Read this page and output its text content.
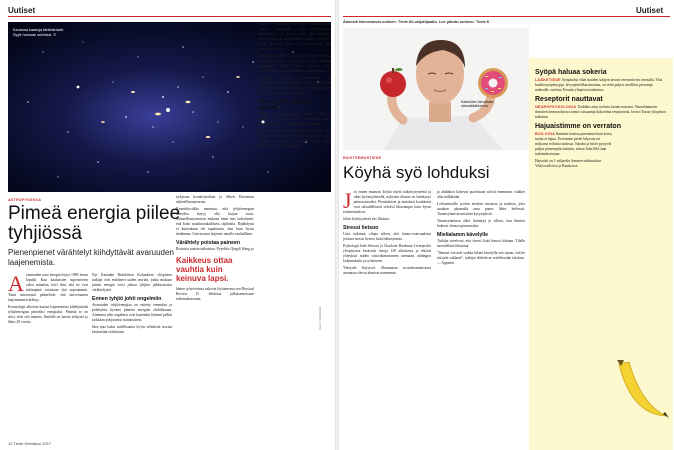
Uutiset
Kaukana kaasuja tähtivärtaalt. Syytt hamuan suhtessi. ©
ASTROFYSIIKKA
Pimeä energia piilee tyhjiössä
Pienenpienet värähtelyt kiihdyttävät avaruuden laajenemista.

Avaaruuden outo energia löytyi 1990-luvun lopulla. Kun kaukaisten supernovien valoa mitattiin, kävi ilmi, että ne ovat etäämpänä toisistaan yhä nopeammin. Tästä astronomit päättelivät, että universumin laajeneminen kiihtyy.

Kosmologit alkoivat kutsua laajenemista kiihdyttävää tyhjiöenergiaa pimeäksi energiaksi. Pimeää se on siksi, ettei sitä tunneta. Ilmiölle on haettu selitystä jo lähes 20 vuotta.

Nyt Kanadan Brittiläisen Kolumbian yliopiston tutkijat ovat esittäneet uuden teorian, jonka mukaan pimeä energia voisi johtua tyhjiön pikkuruisista värähtelyistä.

Ennen tyhjiö johti ongelmiin

Avaruuden tyhjiöenergiaa on esitetty ennenkin ja pidettykin hyvänä pimeän energian ehdokkaana. Aiemmat ydin ongelmat ovat kuitenkin lähinnä pelkät tarkkaan pohjustetut mittausluvut.

Idea ajaa kaksi todellisuutta hyvin selittävää teoriaa keskenään ristiriitaan:

nykyisen kvanttifysiikan ja Albert Einsteinin suhteellisuusteorian.

Kvanttifysiikka ennustaa, että tyhjiöenergian tiheyden täytyy olla hurjan suuri. Suhteellisuusteorian mukaan tämä taas tarkoittaisi, että koko maailmankaikkeus räjähtäisi. Räjähdystä ei kuitenkaan ole tapahtunut, niin kuin hyvin tiedämme. Universumi laajenee omalla vauhdillaan.

Värähtely poistaa paineen

Ristiriita saatiin ratkaistua. Pyyekko Qingdi Wang ja

Kaikkeus ottaa vauhtia kuin keinuva lapsi.

hänen työtoverinsa uskovat löytäneensä sen Physical Review D -lehdessä julkaisemassaan tutkimuksessaan.

Wang ja kumppanit olettavat kvanttifysiikan oppien mukaisesti, että universumin energiatiheys on hyvin suuri. He kuitenkin taivuvat mukaan ainekertoimen tiheys vaihtelisi hyvin nopeasti ajassa ja avaruudessa jopa kaksinkertaisesti.

Tutkijoiden yhtälöissä tyhjiön heiluntaa on kuin keinuvan lapsen vauhti, joka saa liikkeen kasvamaan. Näin pimeä energia olisi mahdollinen energian kulumisen näkökulmasta.

Tyhjyyden pienten laskostumisen ja supistuminen mielletään kuin lapsen keinu: kun jalkoja ojennetaan, vauhti kasvaa. Laajeneminen kiihtyy hitaasti mutta varmasti.

Seuraavaksi saatava todisteita

Wangin ja kumppaneiden seuraava siirto on osoittaa, että avaruus toimii näin. Tämä vaatii mittauksia, joita ei vielä pystytä tekemään.

Teoriaa kuvataan mielenkiintoiseksi, mutta sen todistaminen vaatii paljon lisätutkimusta. Tyhjiön värähtelyt voivat olla avain koko kaikkeuden ymmärtämiseen.

Kuva: NASA/ESA
12 Tiede Helmikuu 2017
Uutiset
Äänestä kiinnostavin uutinen: Tiede.fi/Lukijatiljaattu. Lue päivän uutinen: Tiede.fi
Kakkullan himoittata stressilääkkeena.
RAVITSEMUSTIEDE
Köyhä syö lohduksi

Jos ennen muinoin köyhä näytti näkönyttyneeltä ja rikas hyvinsyöneeltä, nykyisin tilanne on kääntynyt päinvastaiseksi. Pienituloiset ja matalasti koulutetut ovat taloudellisesti selvästi lihavampia kuin hyvin toimeentulevat.

Jokin köyhyydessä siis lihottaa.

Stressi lietsoo

Uusi tutkimus vihjaa siihen, että huono-osaisuudesta johtuva stressi lietsoo lisää lohtusyöntiä.

Psykologit Jade Stewart ja Charlotte Hardman Liverpoolin yliopistossa keräsivät tietoja 150 aikuisesta ja ehtivät yhteyksiä niiden sosioekonomiseen asemaan, ahdingon kokemuksiin ja syömiseen.

Yhteydet löytyivät. Alemmassa sosioekonomisessa asemassa olevat ahmivat useammin.

ja ahdinkoa kokevat puolestaan söivät enemmän, vaikkei olisi nälkäkään.

Lohtuaterialla syötiin etenkin rasvaista ja makeaa, joita saadaan jakamalla oma panos lähes hetkessä. Tunnesyömistä mitattiin kysymyksin.

Tunnesyöminen alkoi lisääntyä jo silloin, kun ihmiset kokivat olonsa epävarmaksi.

Mielialamm kävelylle

Tutkijat arvelevat, että stressi lisää himoa lohtuun. Tilalle suositellaan liikuntaa.

"Ihmiset voisivat vaikka lähteä kävelylle sen sijaan, että he söisivät suklaata", tutkijat ehdottivat esitellessään tuloksia. — Appetite.

Syöpä haluaa sokeria

LÄÄKETIEDE Syöpäsolut eläät muiden solujen tavoin verensokerin varmalla. Yksi keuhkosyöpätyyppi, levyepiteelikarsinooma, on vielä paljon tavallista persompi makealle, osoittaa Texasin yliopiston tutkimus.

Reseptorit nauttavat

NEUROPSYKOLOGIA Tiedäkin asiat on kuin luonto nauraisi. Naurahtamisen ihmisten hermosoluissa toimii runsaampi kokoelma reseptoreita, kertoo Turun yliopiston tutkimus.

Hajuaistimme on verraton

BIOLOGIA Ihminen haistaa paremmin kuin koira, mutta ei hajua. Erotamme peräti biljoona eri miljoona erilaista tuoksua. Naudat ja hiiret pystyvät paljon pienempiin määriin, toteaa John McGann tutkimuksessaan.

Hajuaisti on 1 miljardin ihmisen tutkimuksia Yhdysvalloissa ja Ranskassa.
